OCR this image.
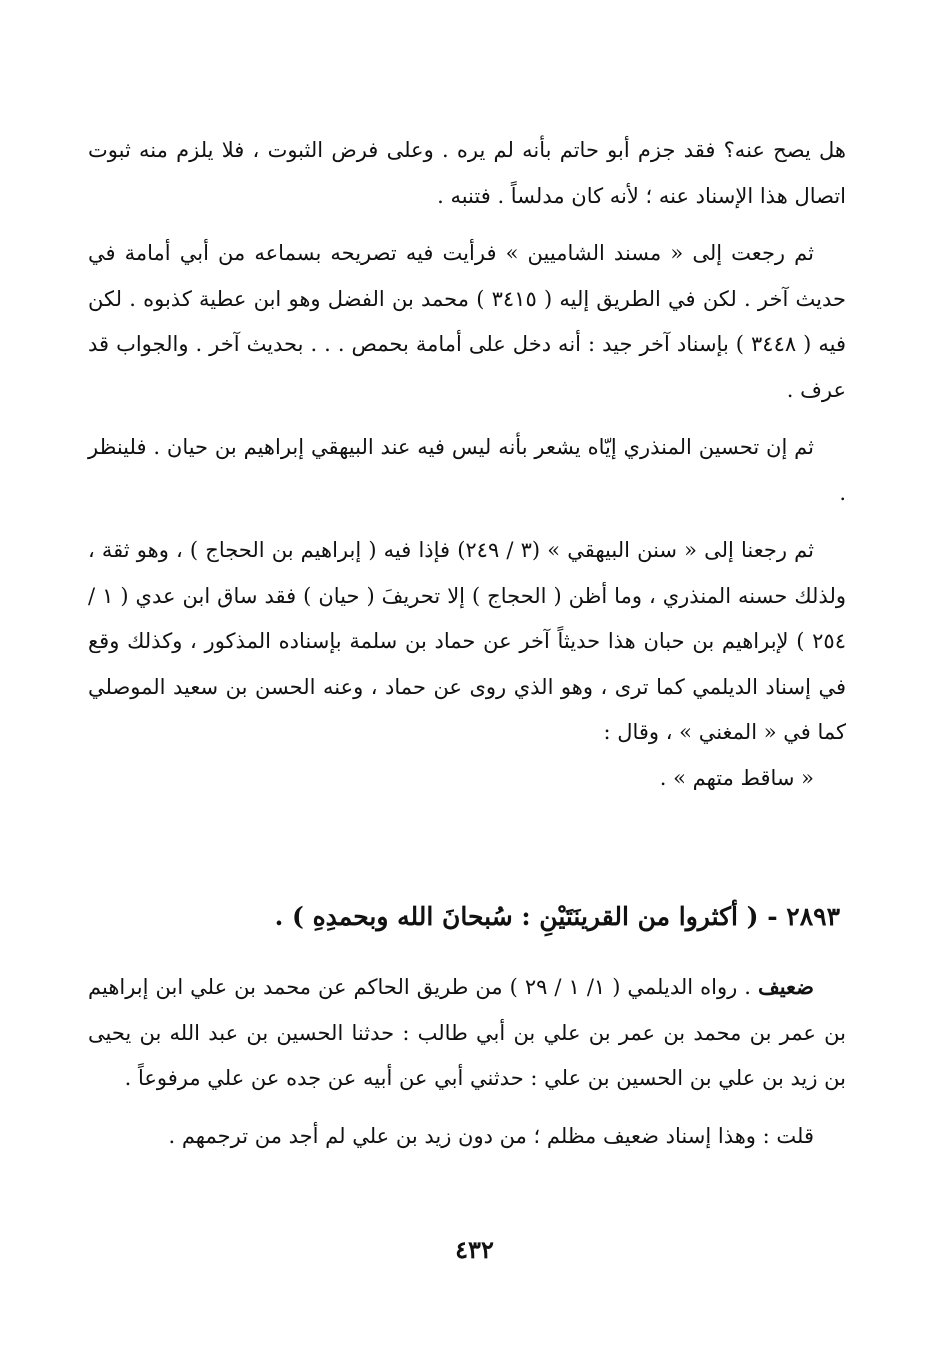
هل يصح عنه؟ فقد جزم أبو حاتم بأنه لم يره . وعلى فرض الثبوت ، فلا يلزم منه ثبوت اتصال هذا الإسناد عنه ؛ لأنه كان مدلساً . فتنبه .

ثم رجعت إلى « مسند الشاميين » فرأيت فيه تصريحه بسماعه من أبي أمامة في حديث آخر . لكن في الطريق إليه ( ٣٤١٥ ) محمد بن الفضل وهو ابن عطية كذبوه . لكن فيه ( ٣٤٤٨ ) بإسناد آخر جيد : أنه دخل على أمامة بحمص . . . بحديث آخر . والجواب قد عرف .

ثم إن تحسين المنذري إيّاه يشعر بأنه ليس فيه عند البيهقي إبراهيم بن حيان . فلينظر .

ثم رجعنا إلى « سنن البيهقي » (٣ / ٢٤٩) فإذا فيه ( إبراهيم بن الحجاج ) ، وهو ثقة ، ولذلك حسنه المنذري ، وما أظن ( الحجاج ) إلا تحريفَ ( حيان ) فقد ساق ابن عدي ( ١ / ٢٥٤ ) لإبراهيم بن حبان هذا حديثاً آخر عن حماد بن سلمة بإسناده المذكور ، وكذلك وقع في إسناد الديلمي كما ترى ، وهو الذي روى عن حماد ، وعنه الحسن بن سعيد الموصلي كما في « المغني » ، وقال :

« ساقط متهم » .

٢٨٩٣ - ( أكثروا من القرينَتَيْنِ : سُبحانَ الله وبحمدِهِ ) .

ضعيف . رواه الديلمي ( ١/ ١ / ٢٩ ) من طريق الحاكم عن محمد بن علي ابن إبراهيم بن عمر بن محمد بن عمر بن علي بن أبي طالب : حدثنا الحسين بن عبد الله بن يحيى بن زيد بن علي بن الحسين بن علي : حدثني أبي عن أبيه عن جده عن علي مرفوعاً .

قلت : وهذا إسناد ضعيف مظلم ؛ من دون زيد بن علي لم أجد من ترجمهم .

٤٣٢
